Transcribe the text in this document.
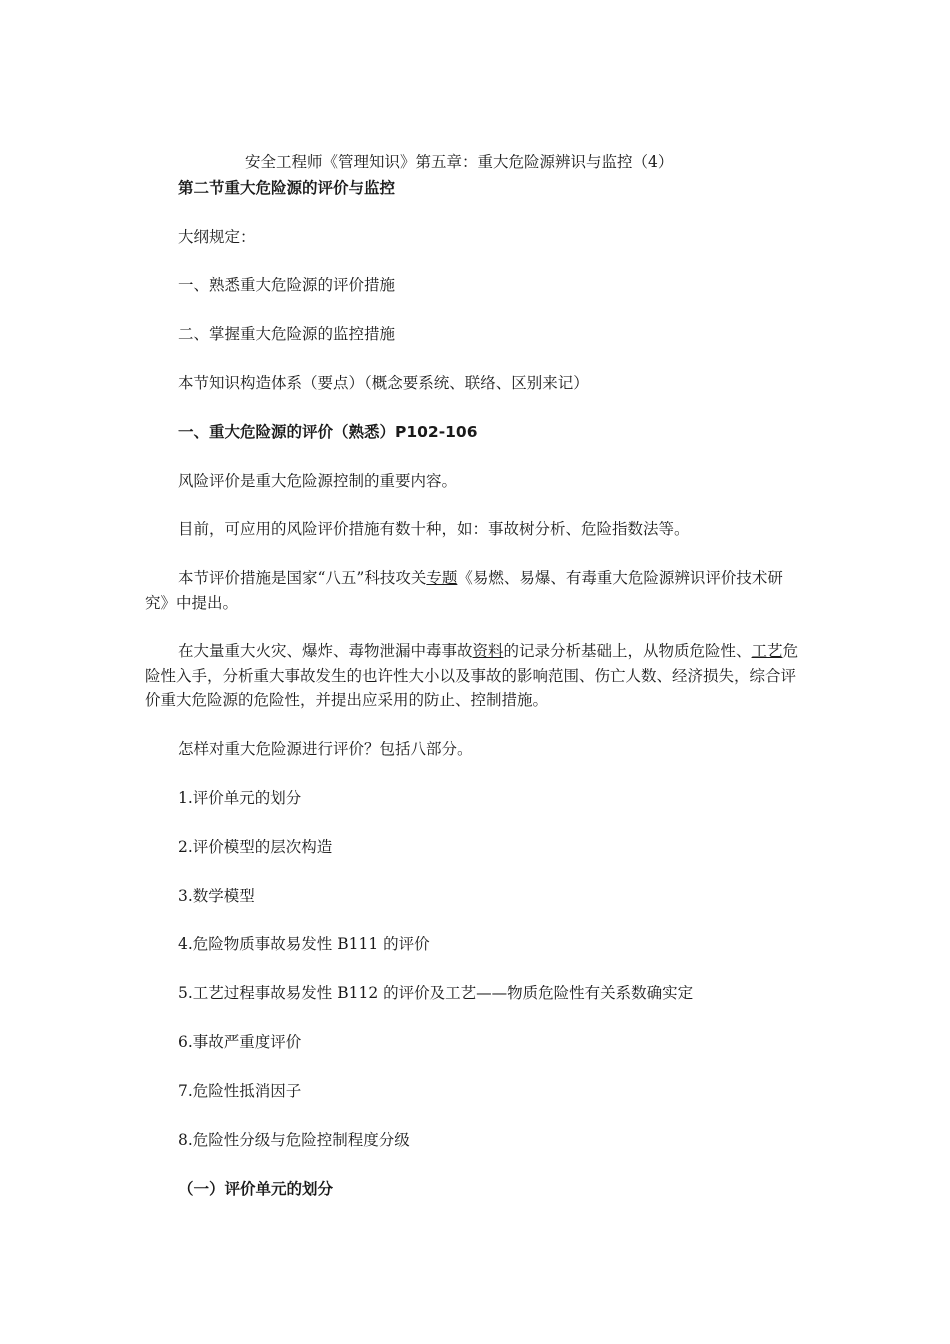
安全工程师《管理知识》第五章：重大危险源辨识与监控（4）
第二节重大危险源的评价与监控
大纲规定：
一、熟悉重大危险源的评价措施
二、掌握重大危险源的监控措施
本节知识构造体系（要点）（概念要系统、联络、区别来记）
一、重大危险源的评价（熟悉）P102-106
风险评价是重大危险源控制的重要内容。
目前，可应用的风险评价措施有数十种，如：事故树分析、危险指数法等。
本节评价措施是国家“八五”科技攻关专题《易燃、易爆、有毒重大危险源辨识评价技术研究》中提出。
在大量重大火灾、爆炸、毒物泄漏中毒事故资料的记录分析基础上，从物质危险性、工艺危险性入手，分析重大事故发生的也许性大小以及事故的影响范围、伤亡人数、经济损失，综合评价重大危险源的危险性，并提出应采用的防止、控制措施。
怎样对重大危险源进行评价？包括八部分。
1.评价单元的划分
2.评价模型的层次构造
3.数学模型
4.危险物质事故易发性 B111 的评价
5.工艺过程事故易发性 B112 的评价及工艺——物质危险性有关系数确实定
6.事故严重度评价
7.危险性抵消因子
8.危险性分级与危险控制程度分级
（一）评价单元的划分
